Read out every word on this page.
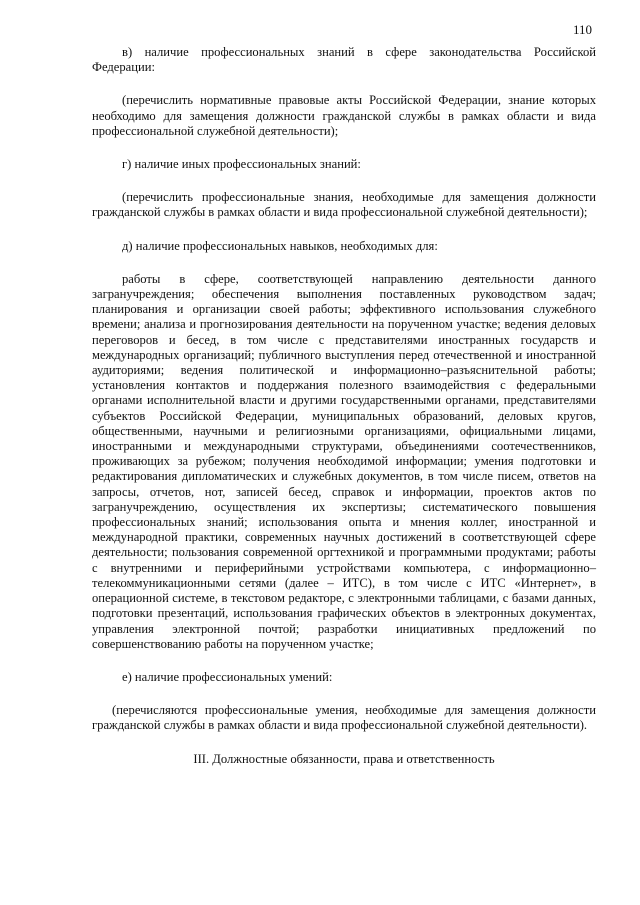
110

в) наличие профессиональных знаний в сфере законодательства Российской Федерации:

(перечислить нормативные правовые акты Российской Федерации, знание которых необходимо для замещения должности гражданской службы в рамках области и вида профессиональной служебной деятельности);

г) наличие иных профессиональных знаний:

(перечислить профессиональные знания, необходимые для замещения должности гражданской службы в рамках области и вида профессиональной служебной деятельности);

д) наличие профессиональных навыков, необходимых для:

работы в сфере, соответствующей направлению деятельности данного загранучреждения; обеспечения выполнения поставленных руководством задач; планирования и организации своей работы; эффективного использования служебного времени; анализа и прогнозирования деятельности на порученном участке; ведения деловых переговоров и бесед, в том числе с представителями иностранных государств и международных организаций; публичного выступления перед отечественной и иностранной аудиториями; ведения политической и информационно–разъяснительной работы; установления контактов и поддержания полезного взаимодействия с федеральными органами исполнительной власти и другими государственными органами, представителями субъектов Российской Федерации, муниципальных образований, деловых кругов, общественными, научными и религиозными организациями, официальными лицами, иностранными и международными структурами, объединениями соотечественников, проживающих за рубежом; получения необходимой информации; умения подготовки и редактирования дипломатических и служебных документов, в том числе писем, ответов на запросы, отчетов, нот, записей бесед, справок и информации, проектов актов по загранучреждению, осуществления их экспертизы; систематического повышения профессиональных знаний; использования опыта и мнения коллег, иностранной и международной практики, современных научных достижений в соответствующей сфере деятельности; пользования современной оргтехникой и программными продуктами; работы с внутренними и периферийными устройствами компьютера, с информационно–телекоммуникационными сетями (далее – ИТС), в том числе с ИТС «Интернет», в операционной системе, в текстовом редакторе, с электронными таблицами, с базами данных, подготовки презентаций, использования графических объектов в электронных документах, управления электронной почтой; разработки инициативных предложений по совершенствованию работы на порученном участке;

е) наличие профессиональных умений:

(перечисляются профессиональные умения, необходимые для замещения должности гражданской службы в рамках области и вида профессиональной служебной деятельности).

III. Должностные обязанности, права и ответственность
